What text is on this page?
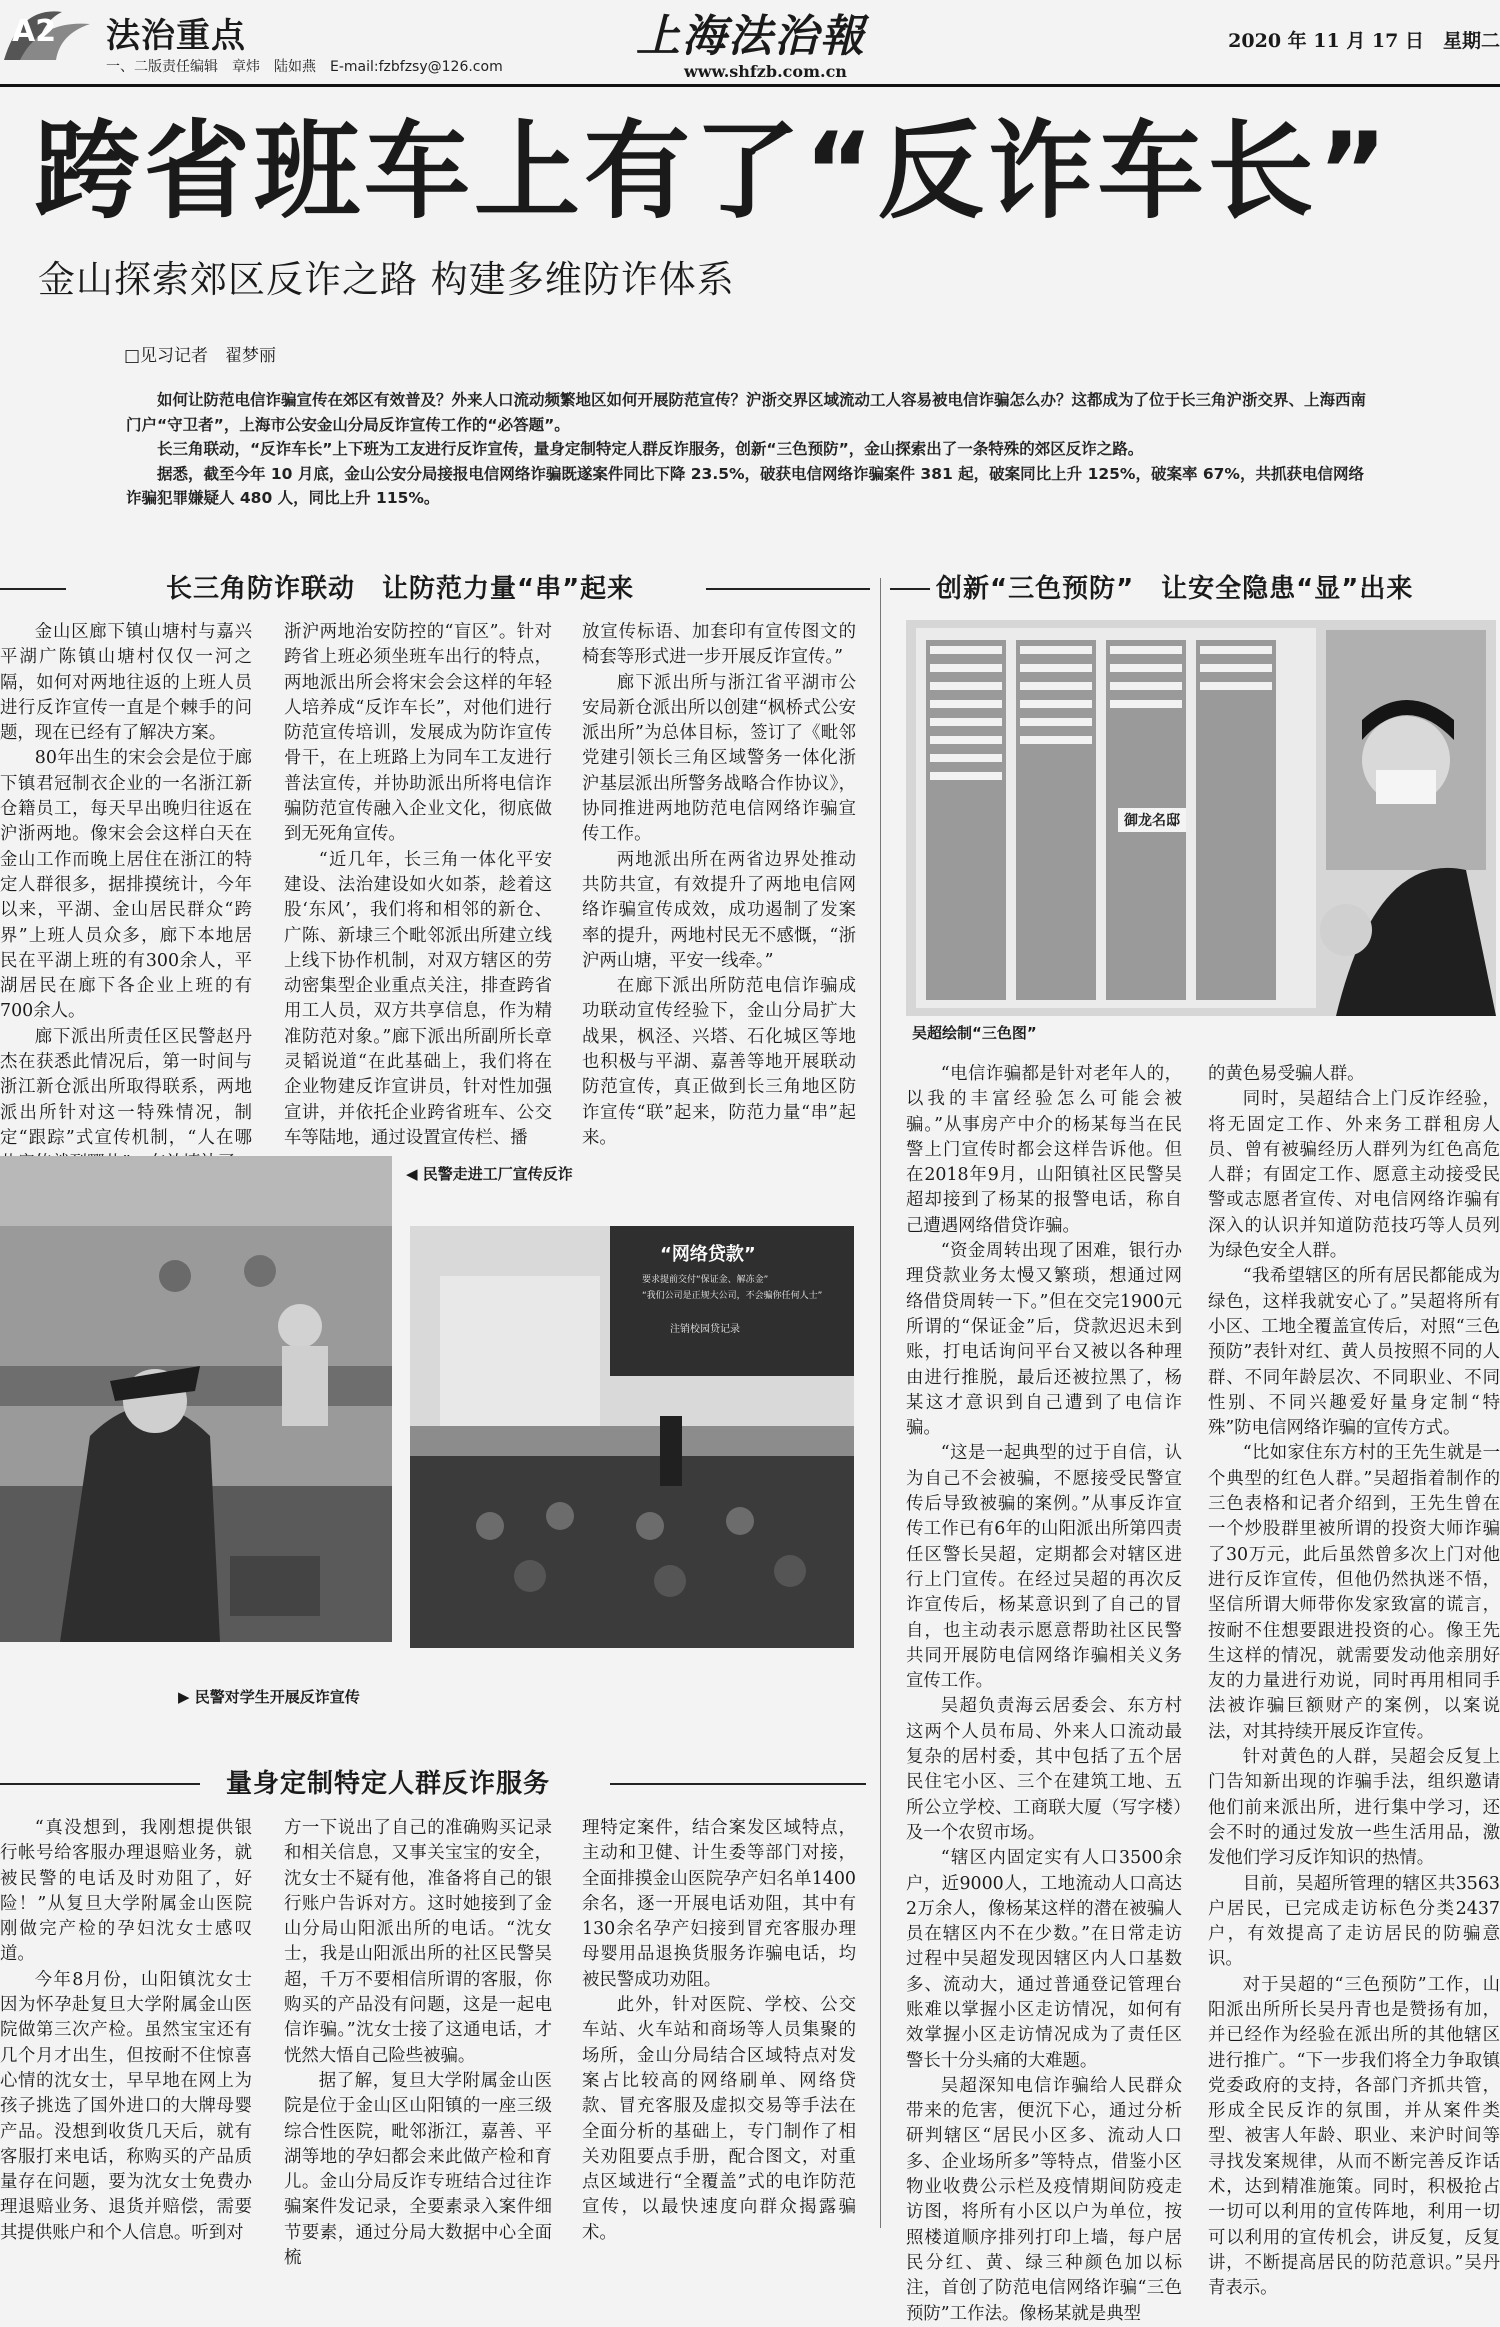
A2 法治重点
一、二版责任编辑　章炜　陆如燕　E-mail:fzbfzsy@126.com
上海法治報
www.shfzb.com.cn
2020 年 11 月 17 日　星期二
跨省班车上有了“反诈车长”
金山探索郊区反诈之路 构建多维防诈体系
□见习记者　翟梦丽

如何让防范电信诈骗宣传在郊区有效普及？外来人口流动频繁地区如何开展防范宣传？沪浙交界区域流动工人容易被电信诈骗怎么办？这都成为了位于长三角沪浙交界、上海西南门户“守卫者”，上海市公安金山分局反诈宣传工作的“必答题”。

长三角联动，“反诈车长”上下班为工友进行反诈宣传，量身定制特定人群反诈服务，创新“三色预防”，金山探索出了一条特殊的郊区反诈之路。

据悉，截至今年 10 月底，金山公安分局接报电信网络诈骗既遂案件同比下降 23.5%，破获电信网络诈骗案件 381 起，破案同比上升 125%，破案率 67%，共抓获电信网络诈骗犯罪嫌疑人 480 人，同比上升 115%。

长三角防诈联动　让防范力量“串”起来

金山区廊下镇山塘村与嘉兴平湖广陈镇山塘村仅仅一河之隔，如何对两地往返的上班人员进行反诈宣传一直是个棘手的问题，现在已经有了解决方案。

80年出生的宋会会是位于廊下镇君冠制衣企业的一名浙江新仓籍员工，每天早出晚归往返在沪浙两地。像宋会会这样白天在金山工作而晚上居住在浙江的特定人群很多，据排摸统计，今年以来，平湖、金山居民群众“跨界”上班人员众多，廊下本地居民在平湖上班的有300余人，平湖居民在廊下各企业上班的有700余人。

廊下派出所责任区民警赵丹杰在获悉此情况后，第一时间与浙江新仓派出所取得联系，两地派出所针对这一特殊情况，制定“跟踪”式宣传机制，“人在哪

浙沪两地治安防控的“盲区”。针对跨省上班必须坐班车出行的特点，两地派出所会将宋会会这样的年轻人培养成“反诈车长”，对他们进行防范宣传培训，发展成为防诈宣传骨干，在上班路上为同车工友进行普法宣传，并协助派出所将电信诈骗防范宣传融入企业文化，彻底做到无死角宣传。

“近几年，长三角一体化平安建设、法治建设如火如荼，趁着这股‘东风’，我们将和相邻的新仓、广陈、新埭三个毗邻派出所建立线上线下协作机制，对双方辖区的劳动密集型企业重点关注，排查跨省用工人员，双方共享信息，作为精准防范对象。”廊下派出所副所长章灵韬说道“在此基础上，我们将在企业物建反诈宣讲员，针对性加强宣讲，并依托企业跨省班车、公交车等陆地，通过设置宣传栏、播

放宣传标语、加套印有宣传图文的椅套等形式进一步开展反诈宣传。”

廊下派出所与浙江省平湖市公安局新仓派出所以创建“枫桥式公安派出所”为总体目标，签订了《毗邻党建引领长三角区域警务一体化浙沪基层派出所警务战略合作协议》，协同推进两地防范电信网络诈骗宣传工作。

两地派出所在两省边界处推动共防共宣，有效提升了两地电信网络诈骗宣传成效，成功遏制了发案率的提升，两地村民无不感慨，“浙沪两山塘，平安一线牵。”

在廊下派出所防范电信诈骗成功联动宣传经验下，金山分局扩大战果，枫泾、兴塔、石化城区等地也积极与平湖、嘉善等地开展联动防范宣传，真正做到长三角地区防诈宣传“联”起来，防范力量“串”起来。

▶ 民警对学生开展反诈宣传
“网络贷款”
要求提前交付“保证金、解冻金”
“我们公司是正规大公司，不会骗你任何人士”
注销校园贷记录
◀ 民警走进工厂宣传反诈
创新“三色预防”　让安全隐患“显”出来
御龙名邸
吴超绘制“三色图”

“电信诈骗都是针对老年人的，以我的丰富经验怎么可能会被骗。”从事房产中介的杨某每当在民警上门宣传时都会这样告诉他。但在2018年9月，山阳镇社区民警吴超却接到了杨某的报警电话，称自己遭遇网络借贷诈骗。

“资金周转出现了困难，银行办理贷款业务太慢又繁琐，想通过网络借贷周转一下。”但在交完1900元所谓的“保证金”后，贷款迟迟未到账，打电话询问平台又被以各种理由进行推脱，最后还被拉黑了，杨某这才意识到自己遭到了电信诈骗。

“这是一起典型的过于自信，认为自己不会被骗，不愿接受民警宣传后导致被骗的案例。”从事反诈宣传工作已有6年的山阳派出所第四责任区警长吴超，定期都会对辖区进行上门宣传。在经过吴超的再次反诈宣传后，杨某意识到了自己的冒自，也主动表示愿意帮助社区民警共同开展防电信网络诈骗相关义务宣传工作。

吴超负责海云居委会、东方村这两个人员布局、外来人口流动最复杂的居村委，其中包括了五个居民住宅小区、三个在建筑工地、五所公立学校、工商联大厦（写字楼）及一个农贸市场。

“辖区内固定实有人口3500余户，近9000人，工地流动人口高达2万余人，像杨某这样的潜在被骗人员在辖区内不在少数。”在日常走访过程中吴超发现因辖区内人口基数多、流动大，通过普通登记管理台账难以掌握小区走访情况，如何有效掌握小区走访情况成为了责任区警长十分头痛的大难题。

吴超深知电信诈骗给人民群众带来的危害，便沉下心，通过分析研判辖区“居民小区多、流动人口多、企业场所多”等特点，借鉴小区物业收费公示栏及疫情期间防疫走访图，将所有小区以户为单位，按照楼道顺序排列打印上墙，每户居民分红、黄、绿三种颜色加以标注，首创了防范电信网络诈骗“三色预防”工作法。像杨某就是典型

的黄色易受骗人群。

同时，吴超结合上门反诈经验，将无固定工作、外来务工群租房人员、曾有被骗经历人群列为红色高危人群；有固定工作、愿意主动接受民警或志愿者宣传、对电信网络诈骗有深入的认识并知道防范技巧等人员列为绿色安全人群。

“我希望辖区的所有居民都能成为绿色，这样我就安心了。”吴超将所有小区、工地全覆盖宣传后，对照“三色预防”表针对红、黄人员按照不同的人群、不同年龄层次、不同职业、不同性别、不同兴趣爱好量身定制“特殊”防电信网络诈骗的宣传方式。

“比如家住东方村的王先生就是一个典型的红色人群。”吴超指着制作的三色表格和记者介绍到，王先生曾在一个炒股群里被所谓的投资大师诈骗了30万元，此后虽然曾多次上门对他进行反诈宣传，但他仍然执迷不悟，坚信所谓大师带你发家致富的谎言，按耐不住想要跟进投资的心。像王先生这样的情况，就需要发动他亲朋好友的力量进行劝说，同时再用相同手法被诈骗巨额财产的案例，以案说法，对其持续开展反诈宣传。

针对黄色的人群，吴超会反复上门告知新出现的诈骗手法，组织邀请他们前来派出所，进行集中学习，还会不时的通过发放一些生活用品，激发他们学习反诈知识的热情。

目前，吴超所管理的辖区共3563户居民，已完成走访标色分类2437户，有效提高了走访居民的防骗意识。

对于吴超的“三色预防”工作，山阳派出所所长吴丹青也是赞扬有加，并已经作为经验在派出所的其他辖区进行推广。“下一步我们将全力争取镇党委政府的支持，各部门齐抓共管，形成全民反诈的氛围，并从案件类型、被害人年龄、职业、来沪时间等寻找发案规律，从而不断完善反诈话术，达到精准施策。同时，积极抢占一切可以利用的宣传阵地，利用一切可以利用的宣传机会，讲反复，反复讲，不断提高居民的防范意识。”吴丹青表示。

量身定制特定人群反诈服务

“真没想到，我刚想提供银行帐号给客服办理退赔业务，就被民警的电话及时劝阻了，好险！”从复旦大学附属金山医院刚做完产检的孕妇沈女士感叹道。

今年8月份，山阳镇沈女士因为怀孕赴复旦大学附属金山医院做第三次产检。虽然宝宝还有几个月才出生，但按耐不住惊喜心情的沈女士，早早地在网上为孩子挑选了国外进口的大牌母婴产品。没想到收货几天后，就有客服打来电话，称购买的产品质量存在问题，要为沈女士免费办理退赔业务、退货并赔偿，需要其提供账户和个人信息。听到对

方一下说出了自己的准确购买记录和相关信息，又事关宝宝的安全，沈女士不疑有他，准备将自己的银行账户告诉对方。这时她接到了金山分局山阳派出所的电话。“沈女士，我是山阳派出所的社区民警吴超，千万不要相信所谓的客服，你购买的产品没有问题，这是一起电信诈骗。”沈女士接了这通电话，才恍然大悟自己险些被骗。

据了解，复旦大学附属金山医院是位于金山区山阳镇的一座三级综合性医院，毗邻浙江，嘉善、平湖等地的孕妇都会来此做产检和育儿。金山分局反诈专班结合过往诈骗案件发记录，全要素录入案件细节要素，通过分局大数据中心全面梳

理特定案件，结合案发区域特点，主动和卫健、计生委等部门对接，全面排摸金山医院孕产妇名单1400余名，逐一开展电话劝阻，其中有130余名孕产妇接到冒充客服办理母婴用品退换货服务诈骗电话，均被民警成功劝阻。

此外，针对医院、学校、公交车站、火车站和商场等人员集聚的场所，金山分局结合区域特点对发案占比较高的网络刷单、网络贷款、冒充客服及虚拟交易等手法在全面分析的基础上，专门制作了相关劝阻要点手册，配合图文，对重点区域进行“全覆盖”式的电诈防范宣传，以最快速度向群众揭露骗术。
